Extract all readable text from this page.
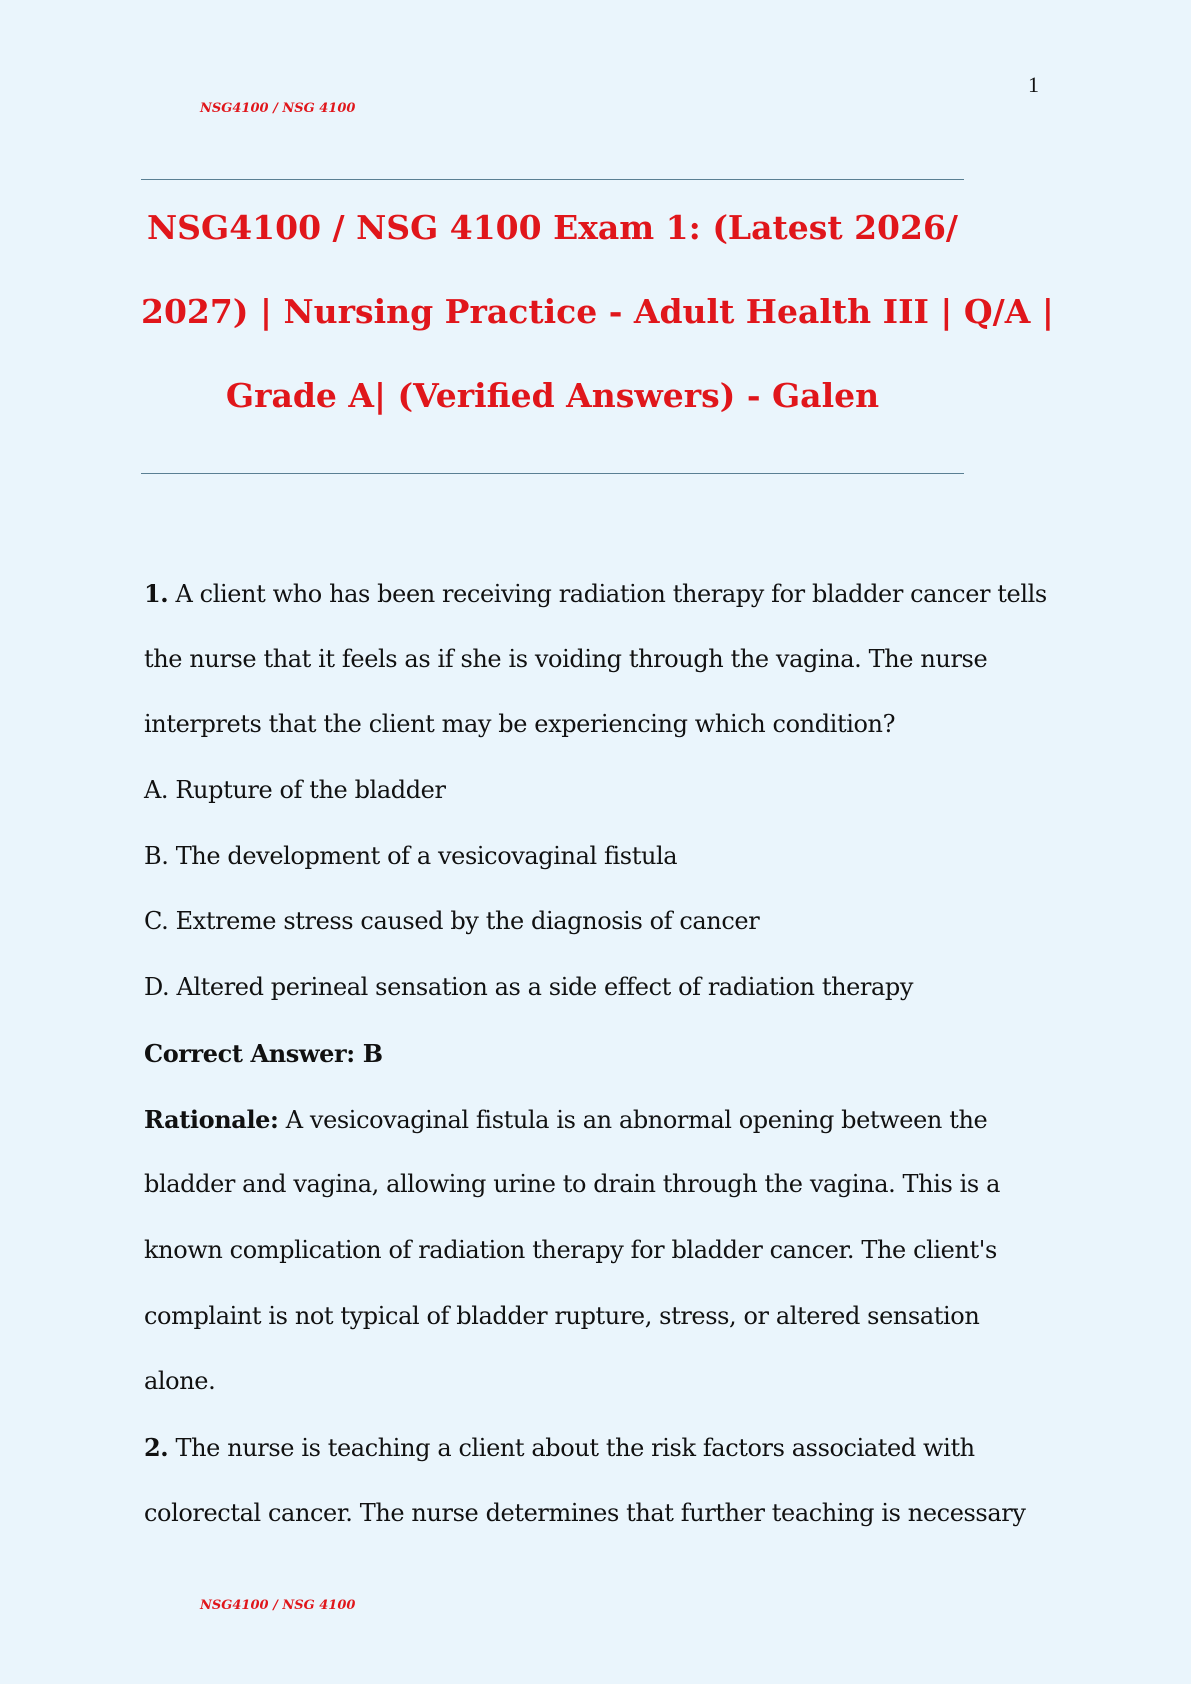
1
NSG4100 / NSG 4100
NSG4100 / NSG 4100 Exam 1: (Latest 2026/
2027) | Nursing Practice - Adult Health III | Q/A |
Grade A| (Verified Answers) - Galen
1. A client who has been receiving radiation therapy for bladder cancer tells
the nurse that it feels as if she is voiding through the vagina. The nurse
interprets that the client may be experiencing which condition?
A. Rupture of the bladder
B. The development of a vesicovaginal fistula
C. Extreme stress caused by the diagnosis of cancer
D. Altered perineal sensation as a side effect of radiation therapy
Correct Answer: B
Rationale: A vesicovaginal fistula is an abnormal opening between the
bladder and vagina, allowing urine to drain through the vagina. This is a
known complication of radiation therapy for bladder cancer. The client's
complaint is not typical of bladder rupture, stress, or altered sensation
alone.
2. The nurse is teaching a client about the risk factors associated with
colorectal cancer. The nurse determines that further teaching is necessary
NSG4100 / NSG 4100
